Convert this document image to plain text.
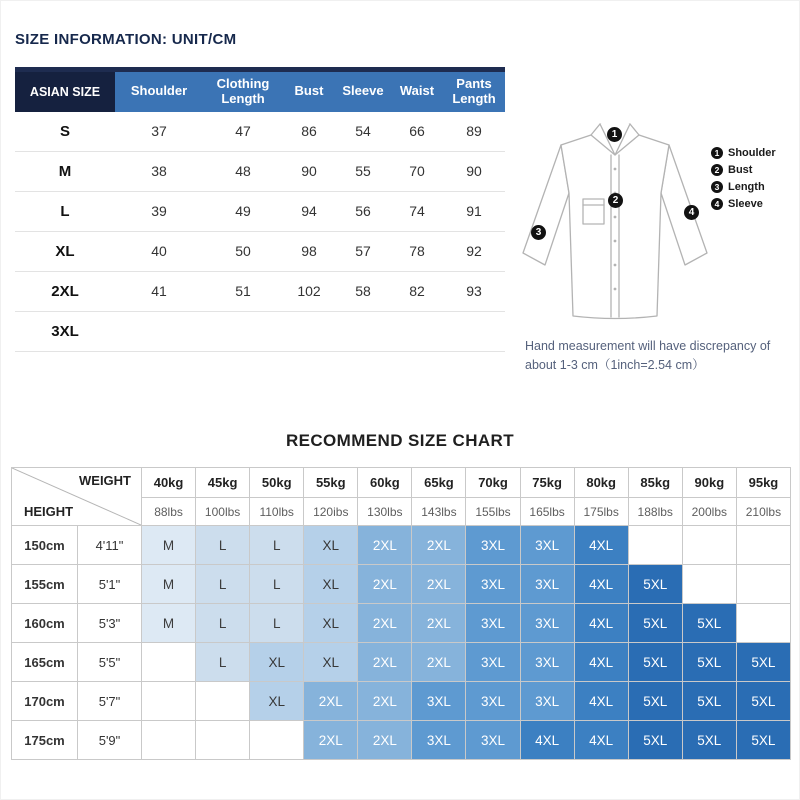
SIZE INFORMATION: UNIT/CM
ASIAN SIZE	Shoulder	Clothing Length	Bust	Sleeve	Waist	Pants Length
S	37	47	86	54	66	89
M	38	48	90	55	70	90
L	39	49	94	56	74	91
XL	40	50	98	57	78	92
2XL	41	51	102	58	82	93
3XL						
1
2
3
4
1 Shoulder
2 Bust
3 Length
4 Sleeve
Hand measurement will have discrepancy of about 1-3 cm（1inch=2.54 cm）
RECOMMEND SIZE CHART
WEIGHT
HEIGHT		40kg	45kg	50kg	55kg	60kg	65kg	70kg	75kg	80kg	85kg	90kg	95kg
		88lbs	100lbs	110lbs	120ibs	130lbs	143lbs	155lbs	165lbs	175lbs	188lbs	200lbs	210lbs
150cm	4'11"	M	L	L	XL	2XL	2XL	3XL	3XL	4XL			
155cm	5'1"	M	L	L	XL	2XL	2XL	3XL	3XL	4XL	5XL		
160cm	5'3"	M	L	L	XL	2XL	2XL	3XL	3XL	4XL	5XL	5XL	
165cm	5'5"		L	XL	XL	2XL	2XL	3XL	3XL	4XL	5XL	5XL	5XL
170cm	5'7"			XL	2XL	2XL	3XL	3XL	3XL	4XL	5XL	5XL	5XL
175cm	5'9"				2XL	2XL	3XL	3XL	4XL	4XL	5XL	5XL	5XL
